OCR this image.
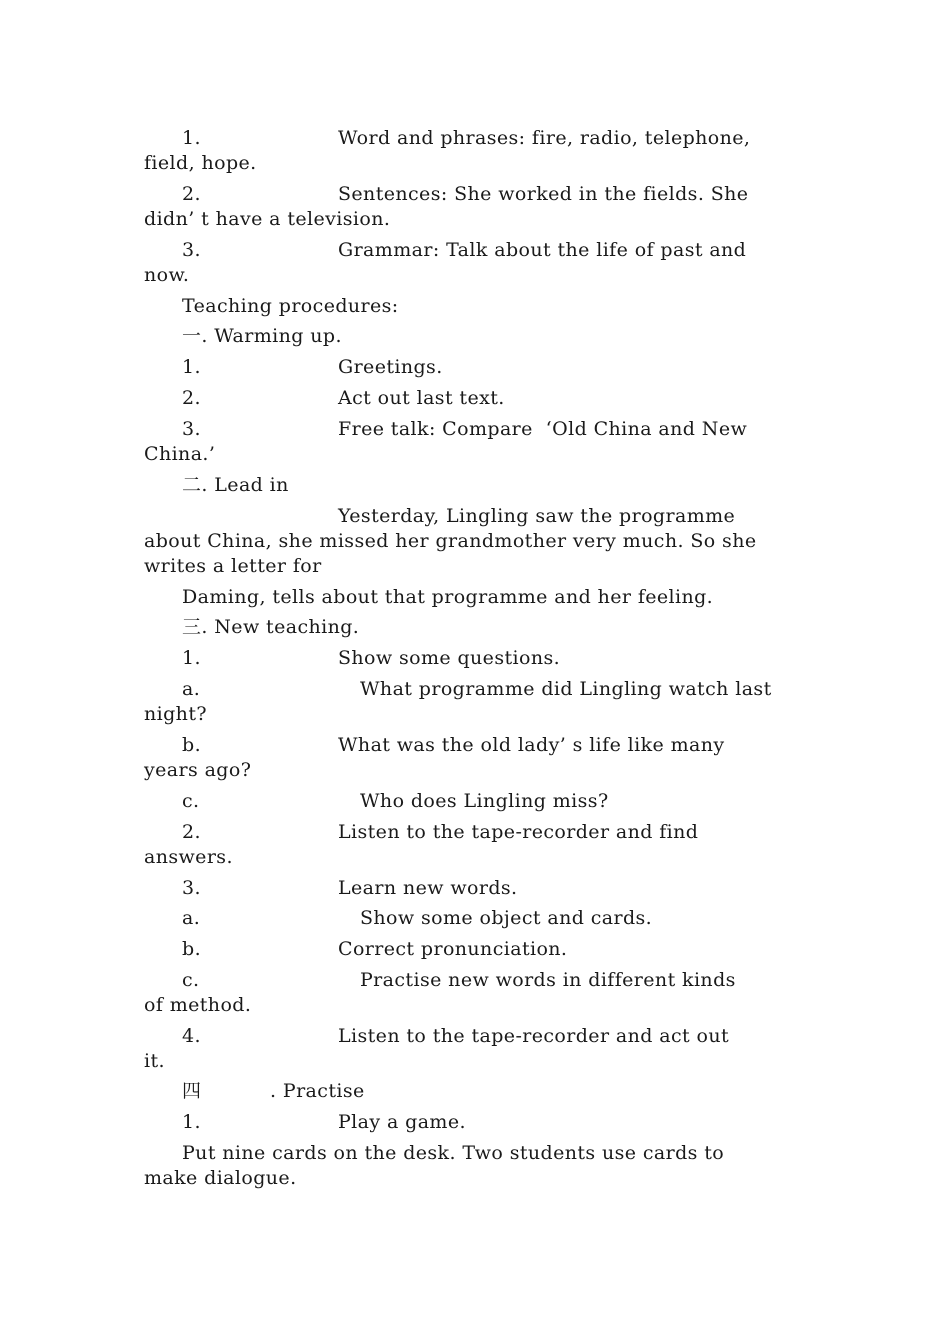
1.	Word and phrases: fire, radio, telephone,
field, hope.
2.	Sentences: She worked in the fields. She
didn’ t have a television.
3.	Grammar: Talk about the life of past and
now.
Teaching procedures:
一. Warming up.
1.	Greetings.
2.	Act out last text.
3.	Free talk: Compare  ‘Old China and New
China.’
二. Lead in
Yesterday, Lingling saw the programme
about China, she missed her grandmother very much. So she
writes a letter for
Daming, tells about that programme and her feeling.
三. New teaching.
1.	Show some questions.
a.	What programme did Lingling watch last
night?
b.	What was the old lady’ s life like many
years ago?
c.	Who does Lingling miss?
2.	Listen to the tape-recorder and find
answers.
3.	Learn new words.
a.	Show some object and cards.
b.	Correct pronunciation.
c.	Practise new words in different kinds
of method.
4.	Listen to the tape-recorder and act out
it.
四	. Practise
1.	Play a game.
Put nine cards on the desk. Two students use cards to
make dialogue.
